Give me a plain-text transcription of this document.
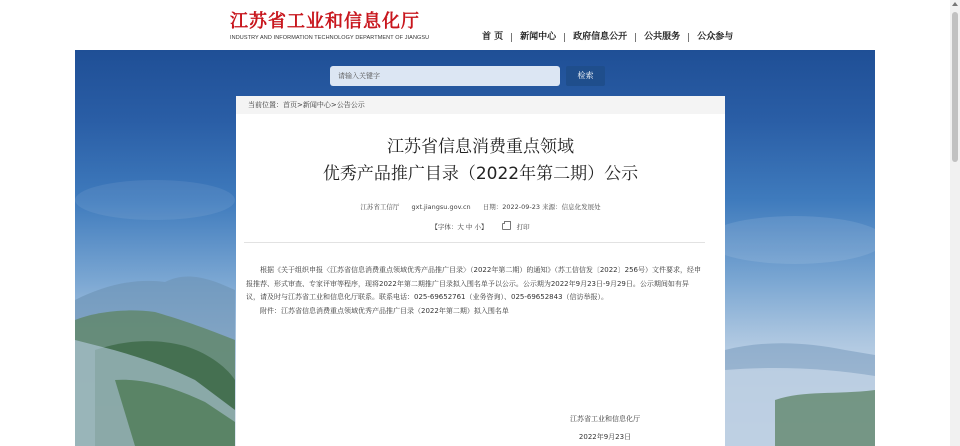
江苏省工业和信息化厅
INDUSTRY AND INFORMATION TECHNOLOGY DEPARTMENT OF JIANGSU	首 页	新闻中心	政府信息公开	公共服务	公众参与
请输入关键字	检索
当前位置：首页>新闻中心>公告公示
江苏省信息消费重点领域
优秀产品推广目录（2022年第二期）公示
江苏省工信厅 gxt.jiangsu.gov.cn 日期：2022-09-23 来源：信息化发展处
【字体：大 中 小】	打印

根据《关于组织申报〈江苏省信息消费重点领域优秀产品推广目录〉（2022年第二期）的通知》（苏工信信发〔2022〕256号）文件要求，经申报推荐、形式审查、专家评审等程序，现将2022年第二期推广目录拟入围名单予以公示。公示期为2022年9月23日-9月29日。公示期间如有异议，请及时与江苏省工业和信息化厅联系。联系电话：025-69652761（业务咨询）、025-69652843（信访举报）。

附件：江苏省信息消费重点领域优秀产品推广目录（2022年第二期）拟入围名单

江苏省工业和信息化厅
2022年9月23日
